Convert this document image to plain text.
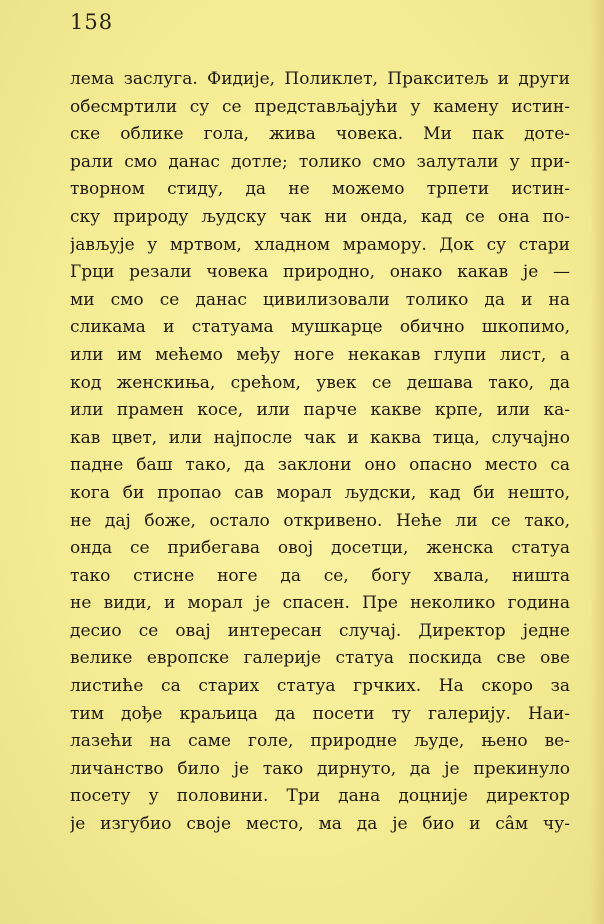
158
лема заслуга. Фидије, Поликлет, Пракситељ и други
обесмртили су се представљајући у камену истин-
ске облике гола, жива човека. Ми пак доте-
рали смо данас дотле; толико смо залутали у при-
творном стиду, да не можемо трпети истин-
ску природу људску чак ни онда, кад се она по-
јављује у мртвом, хладном мрамору. Док су стари
Грци резали човека природно, онако какав је —
ми смо се данас цивилизовали толико да и на
сликама и статуама мушкарце обично шкопимо,
или им мећемо међу ноге некакав глупи лист, а
код женскиња, срећом, увек се дешава тако, да
или прамен косе, или парче какве крпе, или ка-
кав цвет, или најпосле чак и каква тица, случајно
падне баш тако, да заклони оно опасно место са
кога би пропао сав морал људски, кад би нешто,
не дај боже, остало откривено. Неће ли се тако,
онда се прибегава овој досетци, женска статуа
тако стисне ноге да се, богу хвала, ништа
не види, и морал је спасен. Пре неколико година
десио се овај интересан случај. Директор једне
велике европске галерије статуа поскида све ове
листиће са старих статуа грчких. На скоро за
тим дође краљица да посети ту галерију. Наи-
лазећи на саме голе, природне људе, њено ве-
личанство било је тако дирнуто, да је прекинуло
посету у половини. Три дана доцније директор
је изгубио своје место, ма да је био и сâм чу-
